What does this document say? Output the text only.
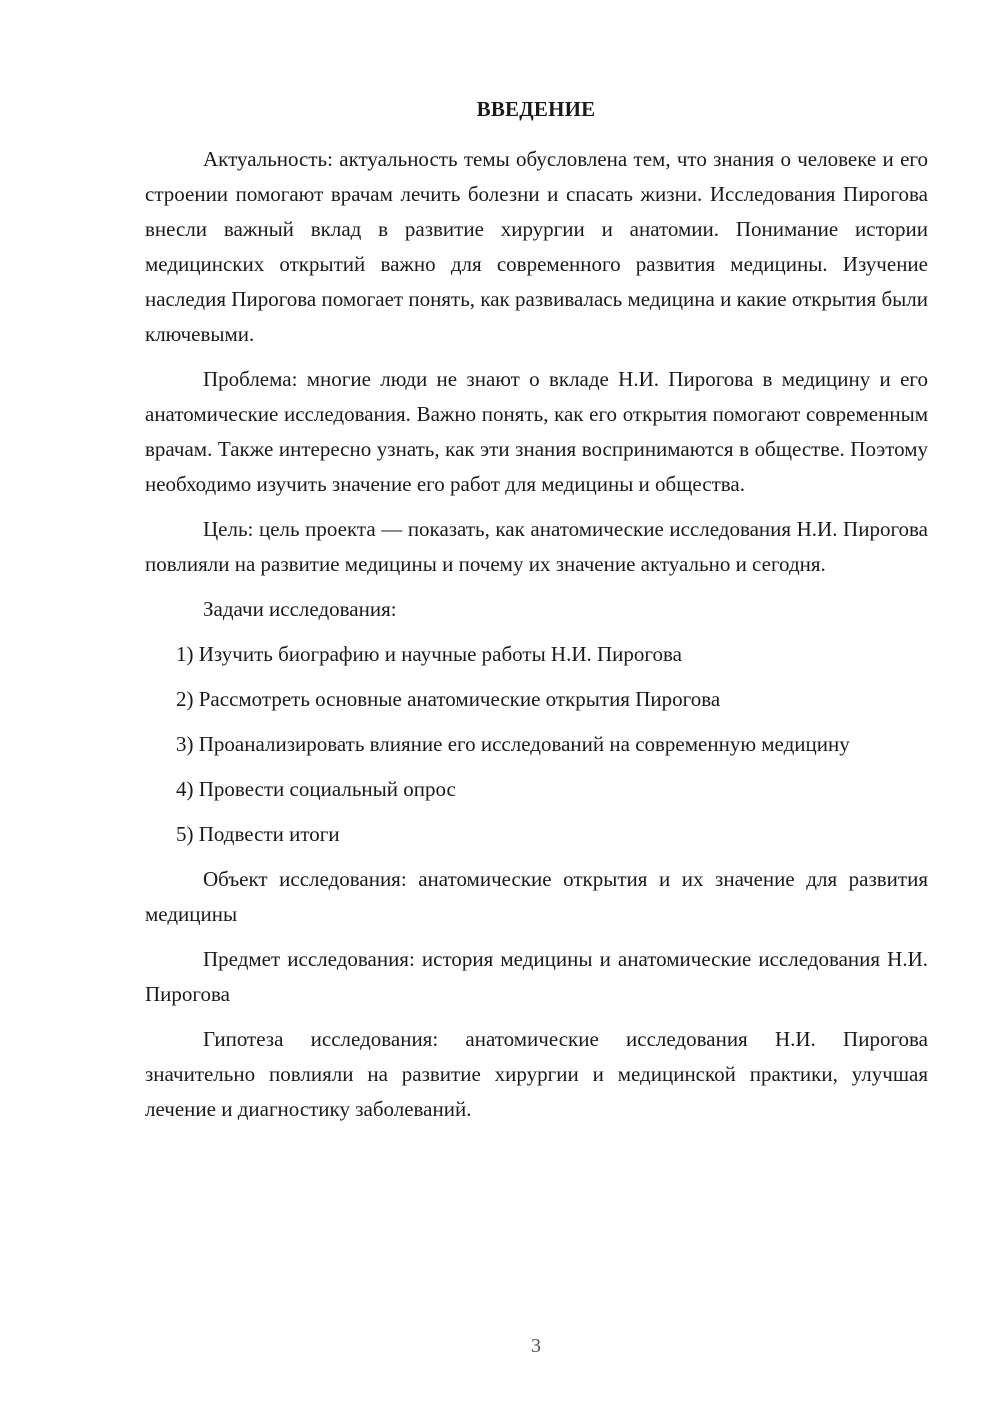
ВВЕДЕНИЕ

Актуальность: актуальность темы обусловлена тем, что знания о человеке и его строении помогают врачам лечить болезни и спасать жизни. Исследования Пирогова внесли важный вклад в развитие хирургии и анатомии. Понимание истории медицинских открытий важно для современного развития медицины. Изучение наследия Пирогова помогает понять, как развивалась медицина и какие открытия были ключевыми.

Проблема: многие люди не знают о вкладе Н.И. Пирогова в медицину и его анатомические исследования. Важно понять, как его открытия помогают современным врачам. Также интересно узнать, как эти знания воспринимаются в обществе. Поэтому необходимо изучить значение его работ для медицины и общества.

Цель: цель проекта — показать, как анатомические исследования Н.И. Пирогова повлияли на развитие медицины и почему их значение актуально и сегодня.

Задачи исследования:

1) Изучить биографию и научные работы Н.И. Пирогова

2) Рассмотреть основные анатомические открытия Пирогова

3) Проанализировать влияние его исследований на современную медицину

4) Провести социальный опрос

5) Подвести итоги

Объект исследования: анатомические открытия и их значение для развития медицины

Предмет исследования: история медицины и анатомические исследования Н.И. Пирогова

Гипотеза исследования: анатомические исследования Н.И. Пирогова значительно повлияли на развитие хирургии и медицинской практики, улучшая лечение и диагностику заболеваний.

3
